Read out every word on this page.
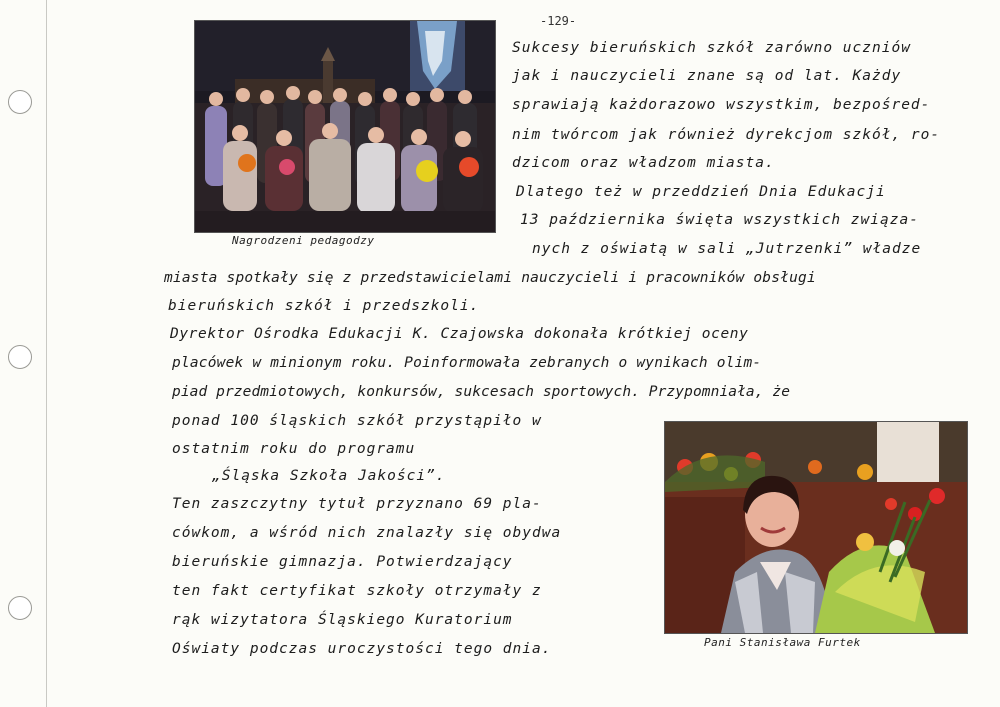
Nagrodzeni pedagodzy
Pani Stanisława Furtek
-129-
Sukcesy bieruńskich szkół zarówno uczniów
jak i nauczycieli znane są od lat. Każdy
sprawiają każdorazowo wszystkim, bezpośred-
nim twórcom jak również dyrekcjom szkół, ro-
dzicom oraz władzom miasta.
Dlatego też w przeddzień Dnia Edukacji
13 października święta wszystkich związa-
nych z oświatą w sali „Jutrzenki” władze
miasta spotkały się z przedstawicielami nauczycieli i pracowników obsługi
bieruńskich szkół i przedszkoli.
Dyrektor Ośrodka Edukacji K. Czajowska dokonała krótkiej oceny
placówek w minionym roku. Poinformowała zebranych o wynikach olim-
piad przedmiotowych, konkursów, sukcesach sportowych. Przypomniała, że
ponad 100 śląskich szkół przystąpiło w
ostatnim roku do programu
„Śląska Szkoła Jakości”.
Ten zaszczytny tytuł przyznano 69 pla-
cówkom, a wśród nich znalazły się obydwa
bieruńskie gimnazja. Potwierdzający
ten fakt certyfikat szkoły otrzymały z
rąk wizytatora Śląskiego Kuratorium
Oświaty podczas uroczystości tego dnia.
